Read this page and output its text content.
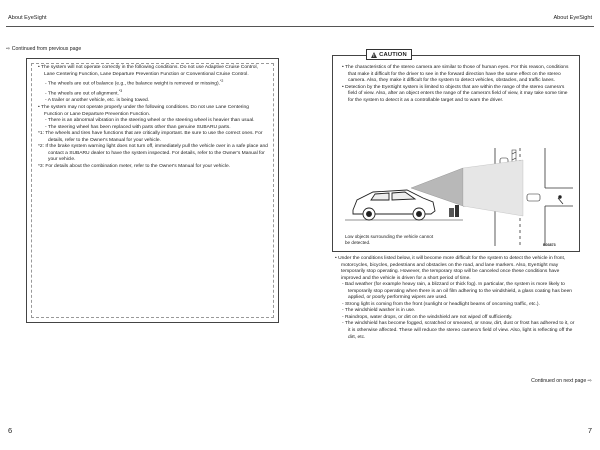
About EyeSight
⇨ Continued from previous page

• The system will not operate correctly in the following conditions. Do not use Adaptive Cruise Control, Lane Centering Function, Lane Departure Prevention Function or Conventional Cruise Control.

- The wheels are out of balance (e.g., the balance weight is removed or missing).$^{*2}$

- The wheels are out of alignment.$^{*3}$

- A trailer or another vehicle, etc. is being towed.

• The system may not operate properly under the following conditions. Do not use Lane Centering Function or Lane Departure Prevention Function.

- There is an abnormal vibration in the steering wheel or the steering wheel is heavier than usual.

- The steering wheel has been replaced with parts other than genuine SUBARU parts.

*1: The wheels and tires have functions that are critically important. Be sure to use the correct ones. For details, refer to the Owner's Manual for your vehicle.

*2: If the brake system warning light does not turn off, immediately pull the vehicle over in a safe place and contact a SUBARU dealer to have the system inspected. For details, refer to the Owner's Manual for your vehicle.

*3: For details about the combination meter, refer to the Owner's Manual for your vehicle.

6
About EyeSight
7
Continued on next page ⇨

• The characteristics of the stereo camera are similar to those of human eyes. For this reason, conditions that make it difficult for the driver to see in the forward direction have the same effect on the stereo camera. Also, they make it difficult for the system to detect vehicles, obstacles, and traffic lanes.

• Detection by the EyeSight system is limited to objects that are within the range of the stereo camera's field of view. Also, after an object enters the range of the camera's field of view, it may take some time for the system to detect it as a controllable target and to warn the driver.

Low objects surrounding the vehicle cannot be detected.
B03873
! CAUTION

• Under the conditions listed below, it will become more difficult for the system to detect the vehicle in front, motorcycles, bicycles, pedestrians and obstacles on the road, and lane markers. Also, EyeSight may temporarily stop operating. However, the temporary stop will be canceled once these conditions have improved and the vehicle is driven for a short period of time.

- Bad weather (for example heavy rain, a blizzard or thick fog). In particular, the system is more likely to temporarily stop operating when there is an oil film adhering to the windshield, a glass coating has been applied, or poorly performing wipers are used.

- Strong light is coming from the front (sunlight or headlight beams of oncoming traffic, etc.).

- The windshield washer is in use.

- Raindrops, water drops, or dirt on the windshield are not wiped off sufficiently.

- The windshield has become fogged, scratched or smeared, or snow, dirt, dust or frost has adhered to it, or it is otherwise affected. These will reduce the stereo camera's field of view. Also, light is reflecting off the dirt, etc.
